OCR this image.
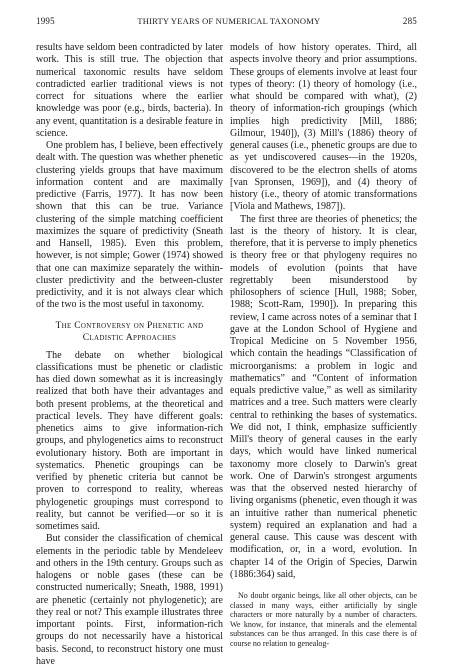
1995	THIRTY YEARS OF NUMERICAL TAXONOMY	285

results have seldom been contradicted by later work. This is still true. The objection that numerical taxonomic results have seldom contradicted earlier traditional views is not correct for situations where the earlier knowledge was poor (e.g., birds, bacteria). In any event, quantitation is a desirable feature in science.

One problem has, I believe, been effectively dealt with. The question was whether phenetic clustering yields groups that have maximum information content and are maximally predictive (Farris, 1977). It has now been shown that this can be true. Variance clustering of the simple matching coefficient maximizes the square of predictivity (Sneath and Hansell, 1985). Even this problem, however, is not simple; Gower (1974) showed that one can maximize separately the within-cluster predictivity and the between-cluster predictivity, and it is not always clear which of the two is the most useful in taxonomy.

The Controversy on Phenetic and Cladistic Approaches

The debate on whether biological classifications must be phenetic or cladistic has died down somewhat as it is increasingly realized that both have their advantages and both present problems, at the theoretical and practical levels. They have different goals: phenetics aims to give information-rich groups, and phylogenetics aims to reconstruct evolutionary history. Both are important in systematics. Phenetic groupings can be verified by phenetic criteria but cannot be proven to correspond to reality, whereas phylogenetic groupings must correspond to reality, but cannot be verified—or so it is sometimes said.

But consider the classification of chemical elements in the periodic table by Mendeleev and others in the 19th century. Groups such as halogens or noble gases (these can be constructed numerically; Sneath, 1988, 1991) are phenetic (certainly not phylogenetic); are they real or not? This example illustrates three important points. First, information-rich groups do not necessarily have a historical basis. Second, to reconstruct history one must have

models of how history operates. Third, all aspects involve theory and prior assumptions. These groups of elements involve at least four types of theory: (1) theory of homology (i.e., what should be compared with what), (2) theory of information-rich groupings (which implies high predictivity [Mill, 1886; Gilmour, 1940]), (3) Mill's (1886) theory of general causes (i.e., phenetic groups are due to as yet undiscovered causes—in the 1920s, discovered to be the electron shells of atoms [van Spronsen, 1969]), and (4) theory of history (i.e., theory of atomic transformations [Viola and Mathews, 1987]).

The first three are theories of phenetics; the last is the theory of history. It is clear, therefore, that it is perverse to imply phenetics is theory free or that phylogeny requires no models of evolution (points that have regrettably been misunderstood by philosophers of science [Hull, 1988; Sober, 1988; Scott-Ram, 1990]). In preparing this review, I came across notes of a seminar that I gave at the London School of Hygiene and Tropical Medicine on 5 November 1956, which contain the headings “Classification of microorganisms: a problem in logic and mathematics” and “Content of information equals predictive value,” as well as similarity matrices and a tree. Such matters were clearly central to rethinking the bases of systematics. We did not, I think, emphasize sufficiently Mill's theory of general causes in the early days, which would have linked numerical taxonomy more closely to Darwin's great work. One of Darwin's strongest arguments was that the observed nested hierarchy of living organisms (phenetic, even though it was an intuitive rather than numerical phenetic system) required an explanation and had a general cause. This cause was descent with modification, or, in a word, evolution. In chapter 14 of the Origin of Species, Darwin (1886:364) said,

No doubt organic beings, like all other objects, can be classed in many ways, either artificially by single characters or more naturally by a number of characters. We know, for instance, that minerals and the elemental substances can be thus arranged. In this case there is of course no relation to genealog-
